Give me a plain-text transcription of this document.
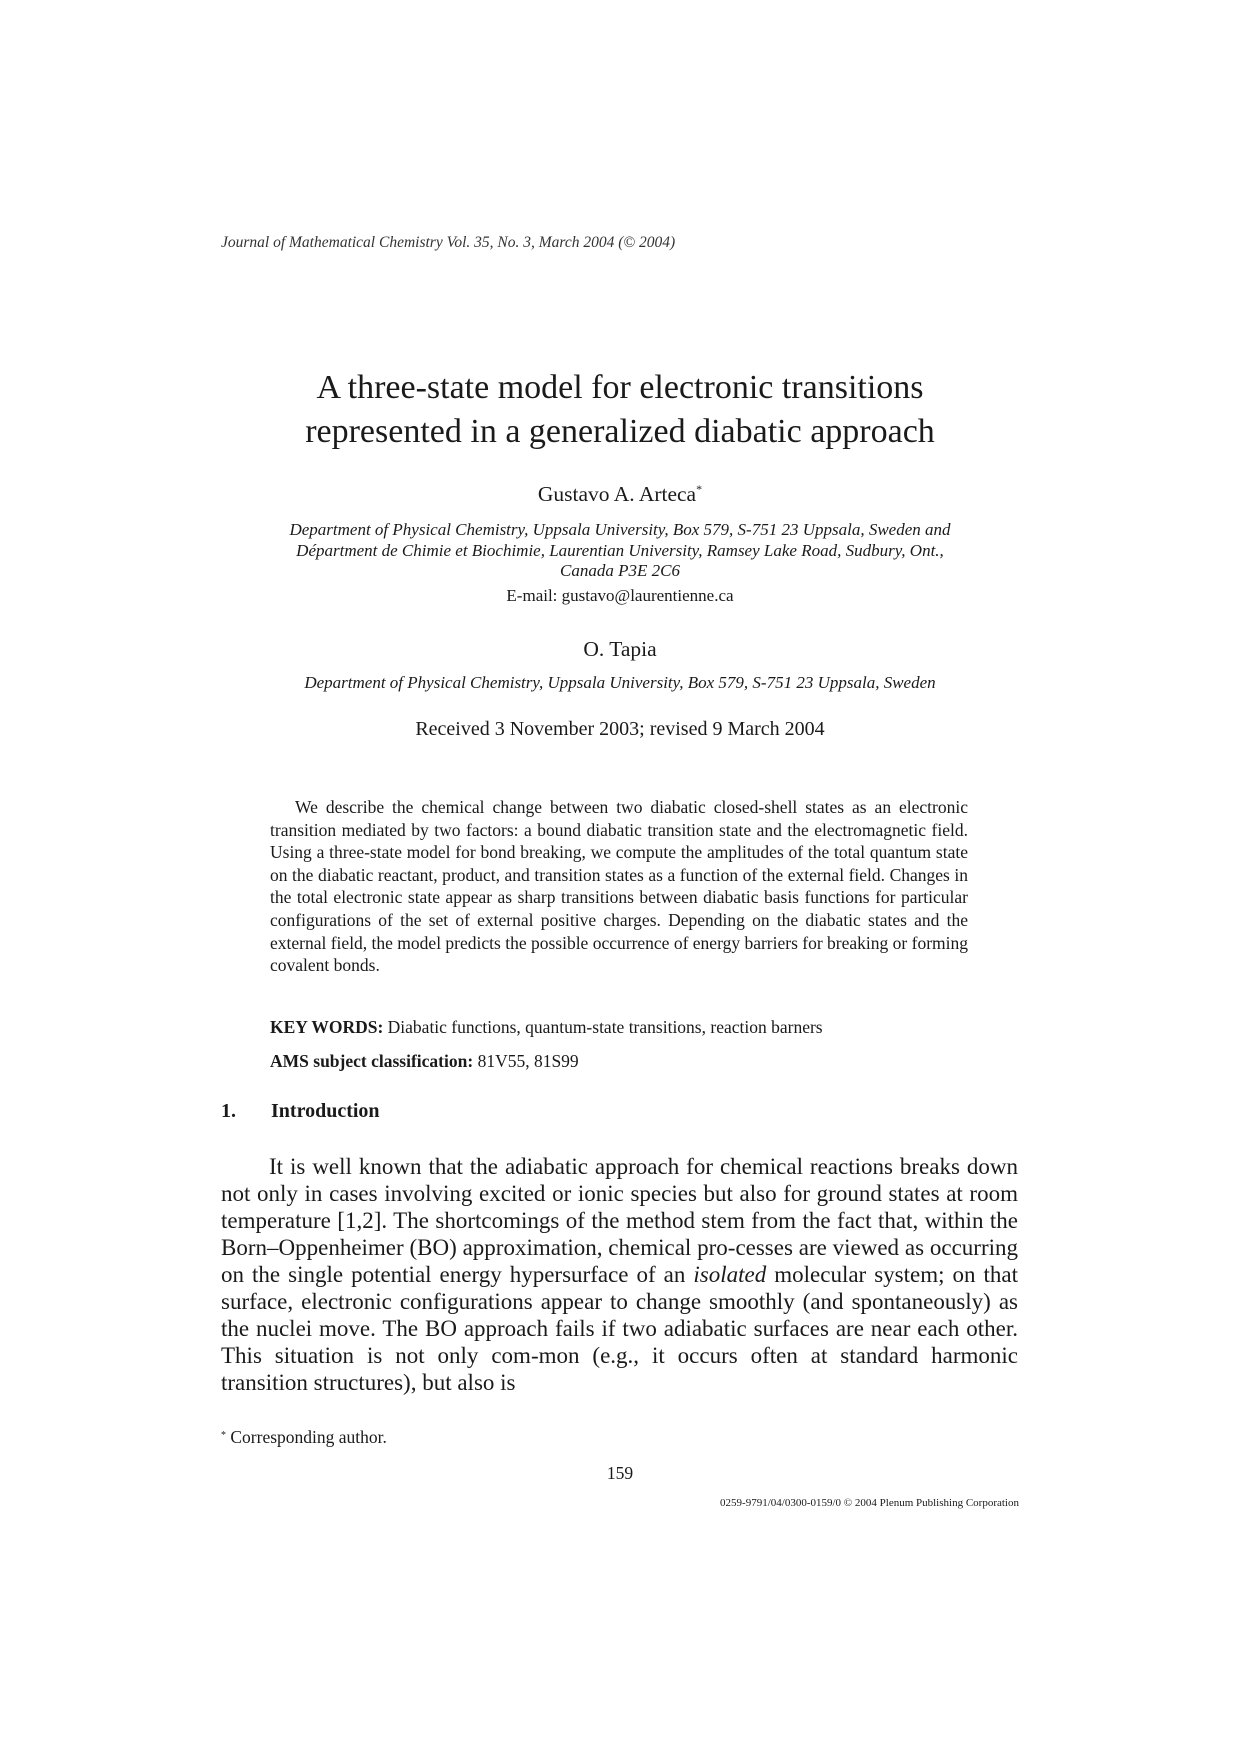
Journal of Mathematical Chemistry Vol. 35, No. 3, March 2004 (© 2004)
A three-state model for electronic transitions
represented in a generalized diabatic approach
Gustavo A. Arteca*
Department of Physical Chemistry, Uppsala University, Box 579, S-751 23 Uppsala, Sweden and
Départment de Chimie et Biochimie, Laurentian University, Ramsey Lake Road, Sudbury, Ont.,
Canada P3E 2C6
E-mail: gustavo@laurentienne.ca
O. Tapia
Department of Physical Chemistry, Uppsala University, Box 579, S-751 23 Uppsala, Sweden
Received 3 November 2003; revised 9 March 2004
We describe the chemical change between two diabatic closed-shell states as an electronic transition mediated by two factors: a bound diabatic transition state and the electromagnetic field. Using a three-state model for bond breaking, we compute the amplitudes of the total quantum state on the diabatic reactant, product, and transition states as a function of the external field. Changes in the total electronic state appear as sharp transitions between diabatic basis functions for particular configurations of the set of external positive charges. Depending on the diabatic states and the external field, the model predicts the possible occurrence of energy barriers for breaking or forming covalent bonds.
KEY WORDS: Diabatic functions, quantum-state transitions, reaction barners
AMS subject classification: 81V55, 81S99
1. Introduction
It is well known that the adiabatic approach for chemical reactions breaks down not only in cases involving excited or ionic species but also for ground states at room temperature [1,2]. The shortcomings of the method stem from the fact that, within the Born–Oppenheimer (BO) approximation, chemical pro-cesses are viewed as occurring on the single potential energy hypersurface of an isolated molecular system; on that surface, electronic configurations appear to change smoothly (and spontaneously) as the nuclei move. The BO approach fails if two adiabatic surfaces are near each other. This situation is not only com-mon (e.g., it occurs often at standard harmonic transition structures), but also is
* Corresponding author.
159
0259-9791/04/0300-0159/0 © 2004 Plenum Publishing Corporation
